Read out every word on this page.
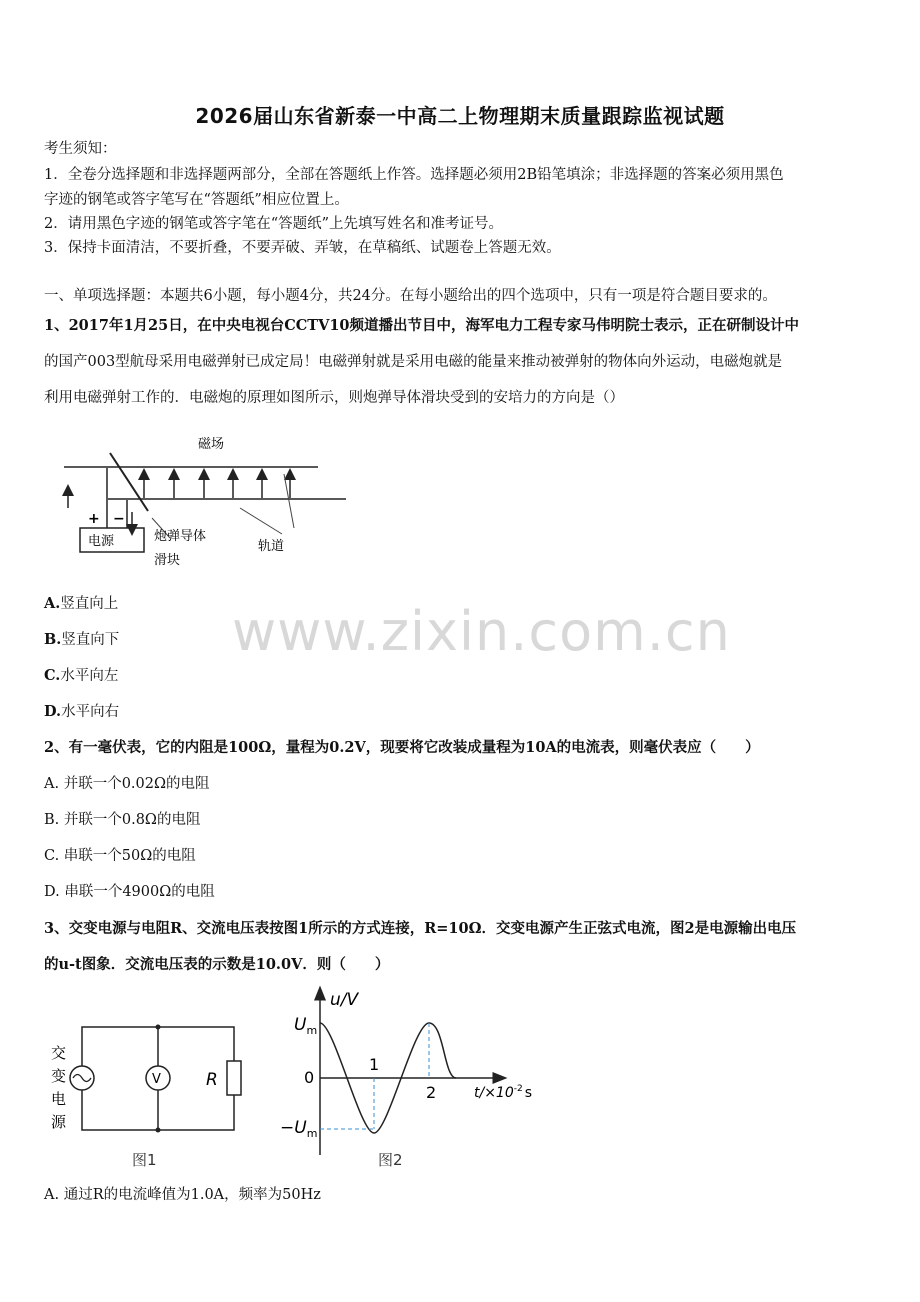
2026届山东省新泰一中高二上物理期末质量跟踪监视试题
考生须知：
1．全卷分选择题和非选择题两部分，全部在答题纸上作答。选择题必须用2B铅笔填涂；非选择题的答案必须用黑色
字迹的钢笔或答字笔写在“答题纸”相应位置上。
2．请用黑色字迹的钢笔或答字笔在“答题纸”上先填写姓名和准考证号。
3．保持卡面清洁，不要折叠，不要弄破、弄皱，在草稿纸、试题卷上答题无效。
一、单项选择题：本题共6小题，每小题4分，共24分。在每小题给出的四个选项中，只有一项是符合题目要求的。
1、2017年1月25日，在中央电视台CCTV10频道播出节目中，海军电力工程专家马伟明院士表示，正在研制设计中
的国产003型航母采用电磁弹射已成定局！电磁弹射就是采用电磁的能量来推动被弹射的物体向外运动，电磁炮就是
利用电磁弹射工作的．电磁炮的原理如图所示，则炮弹导体滑块受到的安培力的方向是（）
磁场
电源
+ −
炮弹导体
滑块
轨道
A.竖直向上
B.竖直向下
C.水平向左
D.水平向右
www.zixin.com.cn
2、有一毫伏表，它的内阻是100Ω，量程为0.2V，现要将它改装成量程为10A的电流表，则毫伏表应（　　）
A. 并联一个0.02Ω的电阻
B. 并联一个0.8Ω的电阻
C. 串联一个50Ω的电阻
D. 串联一个4900Ω的电阻
3、交变电源与电阻R、交流电压表按图1所示的方式连接，R=10Ω．交变电源产生正弦式电流，图2是电源输出电压
的u-t图象．交流电压表的示数是10.0V．则（　　）
V	R
交
变
电
源
图1
u/V
$U_m$
0
$-U_m$
1
2	$t/\times 10^{-2}$ s
图2
A. 通过R的电流峰值为1.0A，频率为50Hz
